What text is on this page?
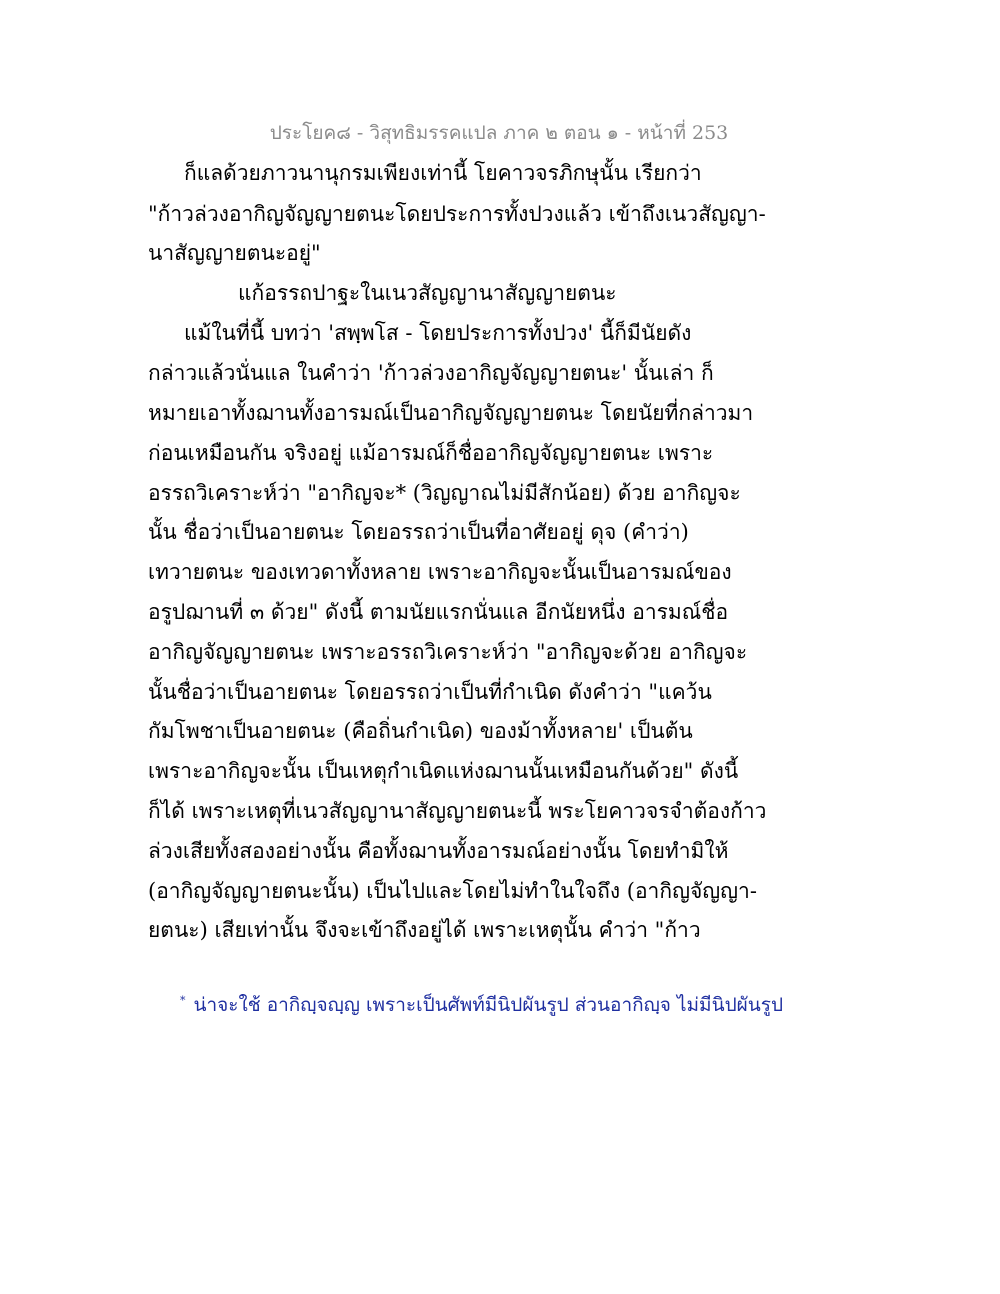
ประโยค๘ - วิสุทธิมรรคแปล ภาค ๒ ตอน ๑ - หน้าที่ 253
ก็แลด้วยภาวนานุกรมเพียงเท่านี้ โยคาวจรภิกษุนั้น เรียกว่า
"ก้าวล่วงอากิญจัญญายตนะโดยประการทั้งปวงแล้ว เข้าถึงเนวสัญญา-
นาสัญญายตนะอยู่"
แก้อรรถปาฐะในเนวสัญญานาสัญญายตนะ
แม้ในที่นี้ บทว่า 'สพฺพโส - โดยประการทั้งปวง' นี้ก็มีนัยดัง
กล่าวแล้วนั่นแล ในคำว่า 'ก้าวล่วงอากิญจัญญายตนะ' นั้นเล่า ก็
หมายเอาทั้งฌานทั้งอารมณ์เป็นอากิญจัญญายตนะ โดยนัยที่กล่าวมา
ก่อนเหมือนกัน จริงอยู่ แม้อารมณ์ก็ชื่ออากิญจัญญายตนะ เพราะ
อรรถวิเคราะห์ว่า "อากิญจะ* (วิญญาณไม่มีสักน้อย) ด้วย อากิญจะ
นั้น ชื่อว่าเป็นอายตนะ โดยอรรถว่าเป็นที่อาศัยอยู่ ดุจ (คำว่า)
เทวายตนะ ของเทวดาทั้งหลาย เพราะอากิญจะนั้นเป็นอารมณ์ของ
อรูปฌานที่ ๓ ด้วย" ดังนี้ ตามนัยแรกนั่นแล อีกนัยหนึ่ง อารมณ์ชื่อ
อากิญจัญญายตนะ เพราะอรรถวิเคราะห์ว่า "อากิญจะด้วย อากิญจะ
นั้นชื่อว่าเป็นอายตนะ โดยอรรถว่าเป็นที่กำเนิด ดังคำว่า "แคว้น
กัมโพชาเป็นอายตนะ (คือถิ่นกำเนิด) ของม้าทั้งหลาย' เป็นต้น
เพราะอากิญจะนั้น เป็นเหตุกำเนิดแห่งฌานนั้นเหมือนกันด้วย" ดังนี้
ก็ได้ เพราะเหตุที่เนวสัญญานาสัญญายตนะนี้ พระโยคาวจรจำต้องก้าว
ล่วงเสียทั้งสองอย่างนั้น คือทั้งฌานทั้งอารมณ์อย่างนั้น โดยทำมิให้
(อากิญจัญญายตนะนั้น) เป็นไปและโดยไม่ทำในใจถึง (อากิญจัญญา-
ยตนะ) เสียเท่านั้น จึงจะเข้าถึงอยู่ได้ เพราะเหตุนั้น คำว่า "ก้าว
* น่าจะใช้ อากิญฺจญฺญ เพราะเป็นศัพท์มีนิปผันรูป ส่วนอากิญฺจ ไม่มีนิปผันรูป
